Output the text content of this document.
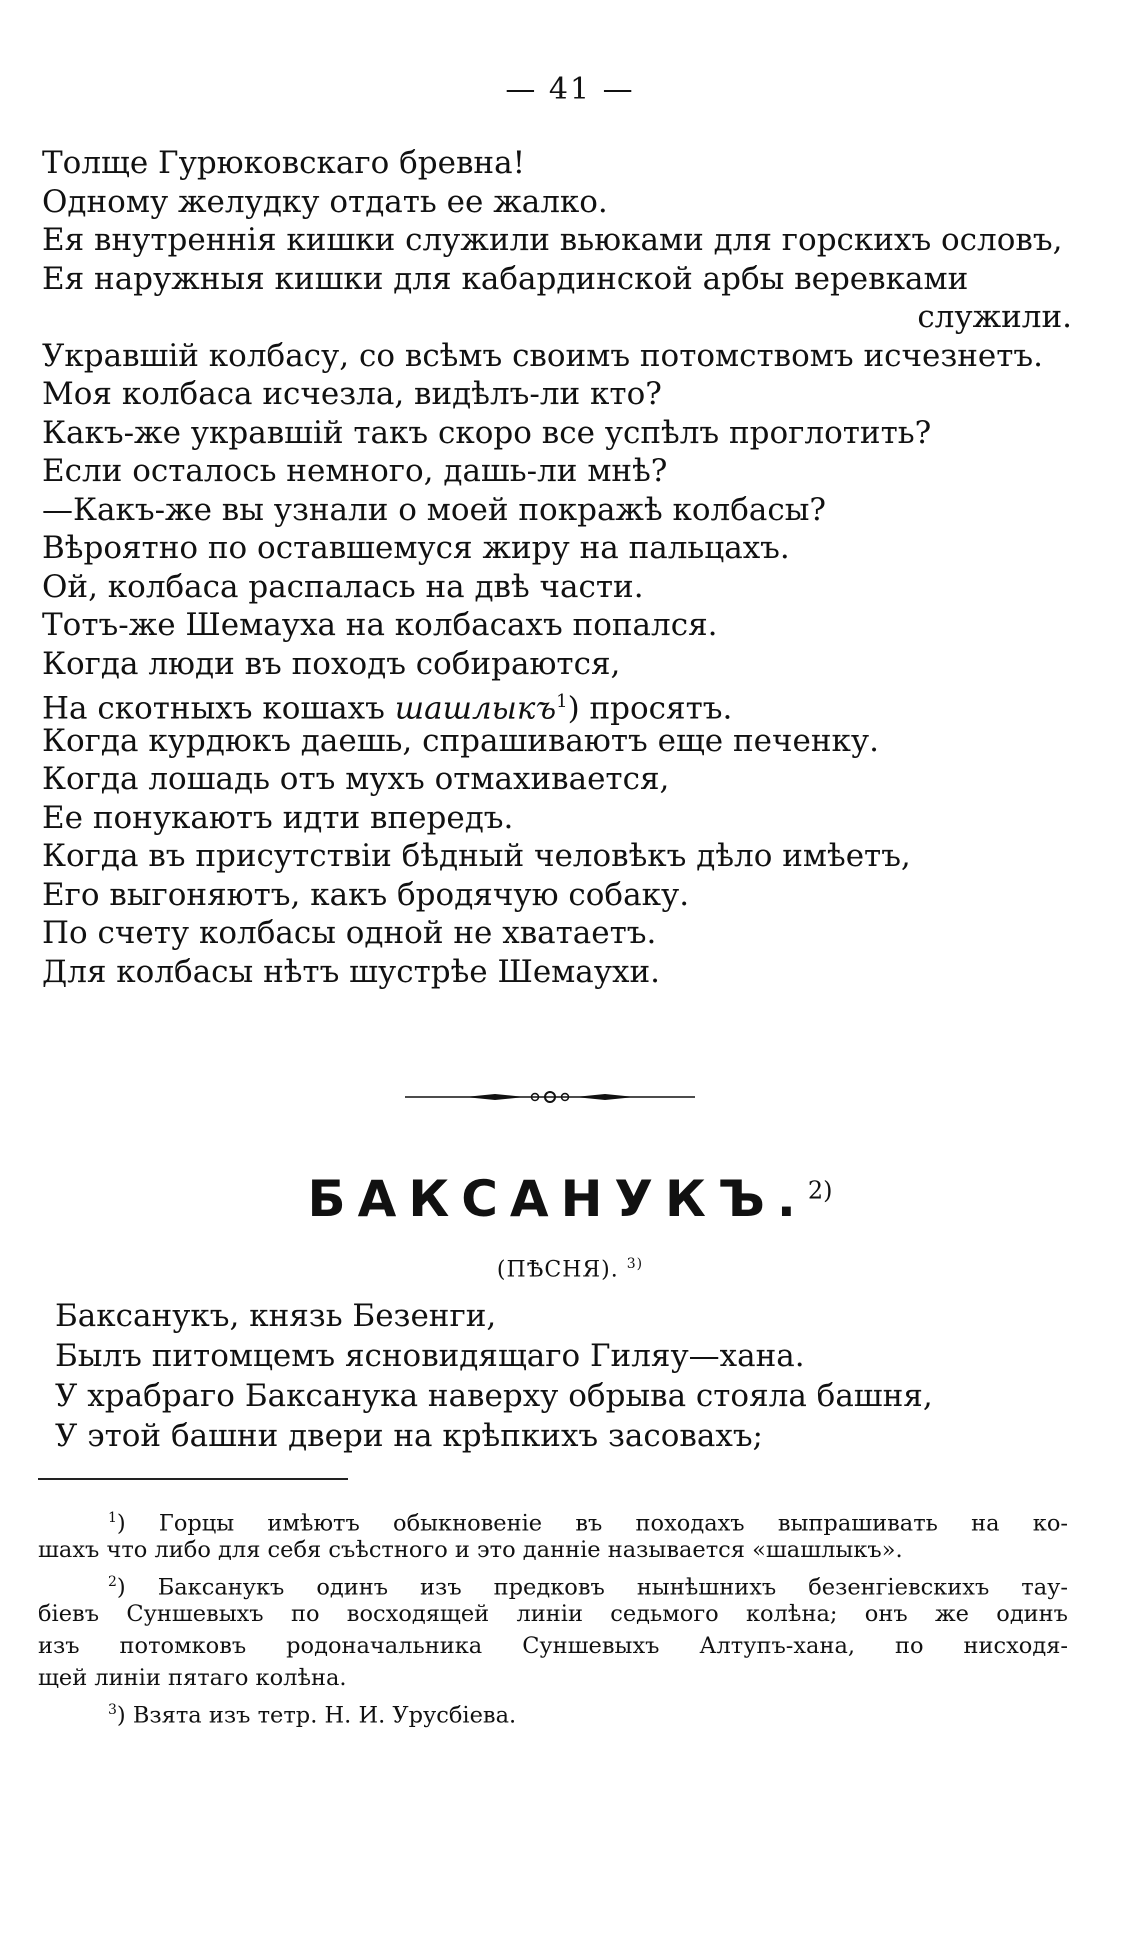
— 41 —
Толще Гурюковскаго бревна!
Одному желудку отдать ее жалко.
Ея внутреннія кишки служили вьюками для горскихъ ословъ,
Ея наружныя кишки для кабардинской арбы веревками
служили.
Укравшій колбасу, со всѣмъ своимъ потомствомъ исчезнетъ.
Моя колбаса исчезла, видѣлъ-ли кто?
Какъ-же укравшій такъ скоро все успѣлъ проглотить?
Если осталось немного, дашь-ли мнѣ?
—Какъ-же вы узнали о моей покражѣ колбасы?
Вѣроятно по оставшемуся жиру на пальцахъ.
Ой, колбаса распалась на двѣ части.
Тотъ-же Шемауха на колбасахъ попался.
Когда люди въ походъ собираются,
На скотныхъ кошахъ шашлыкъ$^1$) просятъ.
Когда курдюкъ даешь, спрашиваютъ еще печенку.
Когда лошадь отъ мухъ отмахивается,
Ее понукаютъ идти впередъ.
Когда въ присутствіи бѣдный человѣкъ дѣло имѣетъ,
Его выгоняютъ, какъ бродячую собаку.
По счету колбасы одной не хватаетъ.
Для колбасы нѣтъ шустрѣе Шемаухи.
БАКСАНУКЪ.$^{2)}$
(ПѢСНЯ). $^{3)}$
Баксанукъ, князь Безенги,
Былъ питомцемъ ясновидящаго Гиляу—хана.
У храбраго Баксанука наверху обрыва стояла башня,
У этой башни двери на крѣпкихъ засовахъ;
$^1$) Горцы имѣютъ обыкновеніе въ походахъ выпрашивать на ко-
шахъ что либо для себя съѣстного и это данніе называется «шашлыкъ».
$^2$) Баксанукъ одинъ изъ предковъ нынѣшнихъ безенгіевскихъ тау-
біевъ Суншевыхъ по восходящей линіи седьмого колѣна; онъ же одинъ
изъ потомковъ родоначальника Суншевыхъ Алтупъ-хана, по нисходя-
щей линіи пятаго колѣна.
$^3$) Взята изъ тетр. Н. И. Урусбіева.
